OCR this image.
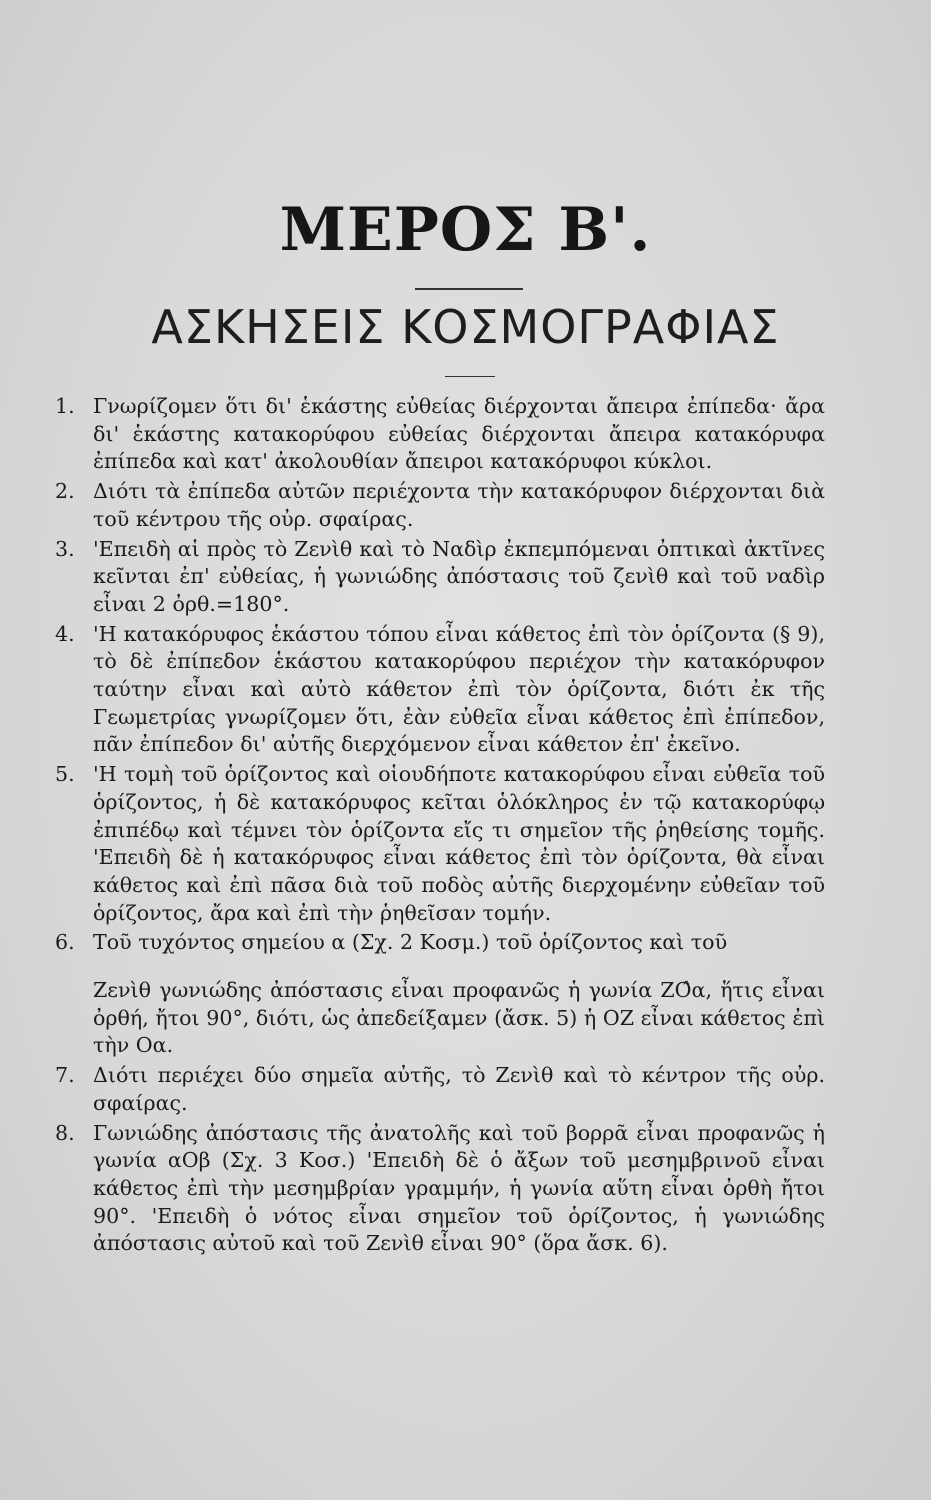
ΜΕΡΟΣ Β'.
ΑΣΚΗΣΕΙΣ ΚΟΣΜΟΓΡΑΦΙΑΣ
1. Γνωρίζομεν ὅτι δι' ἑκάστης εὐθείας διέρχονται ἄπειρα ἐπίπεδα· ἄρα δι' ἑκάστης κατακορύφου εὐθείας διέρχονται ἄπειρα κατακόρυφα ἐπίπεδα καὶ κατ' ἀκολουθίαν ἄπειροι κατακόρυφοι κύκλοι.
2. Διότι τὰ ἐπίπεδα αὐτῶν περιέχοντα τὴν κατακόρυφον διέρχονται διὰ τοῦ κέντρου τῆς οὐρ. σφαίρας.
3. 'Επειδὴ αἱ πρὸς τὸ Ζενὶθ καὶ τὸ Ναδὶρ ἐκπεμπόμεναι ὀπτικαὶ ἀκτῖνες κεῖνται ἐπ' εὐθείας, ἡ γωνιώδης ἀπόστασις τοῦ ζενὶθ καὶ τοῦ ναδὶρ εἶναι 2 ὀρθ.=180°.
4. 'Η κατακόρυφος ἑκάστου τόπου εἶναι κάθετος ἐπὶ τὸν ὁρίζοντα (§ 9), τὸ δὲ ἐπίπεδον ἑκάστου κατακορύφου περιέχον τὴν κατακόρυφον ταύτην εἶναι καὶ αὐτὸ κάθετον ἐπὶ τὸν ὁρίζοντα, διότι ἐκ τῆς Γεωμετρίας γνωρίζομεν ὅτι, ἐὰν εὐθεῖα εἶναι κάθετος ἐπὶ ἐπίπεδον, πᾶν ἐπίπεδον δι' αὐτῆς διερχόμενον εἶναι κάθετον ἐπ' ἐκεῖνο.
5. 'Η τομὴ τοῦ ὁρίζοντος καὶ οἱουδήποτε κατακορύφου εἶναι εὐθεῖα τοῦ ὁρίζοντος, ἡ δὲ κατακόρυφος κεῖται ὁλόκληρος ἐν τῷ κατακορύφῳ ἐπιπέδῳ καὶ τέμνει τὸν ὁρίζοντα εἴς τι σημεῖον τῆς ῥηθείσης τομῆς. 'Επειδὴ δὲ ἡ κατακόρυφος εἶναι κάθετος ἐπὶ τὸν ὁρίζοντα, θὰ εἶναι κάθετος καὶ ἐπὶ πᾶσα διὰ τοῦ ποδὸς αὐτῆς διερχομένην εὐθεῖαν τοῦ ὁρίζοντος, ἄρα καὶ ἐπὶ τὴν ῥηθεῖσαν τομήν.
6. Τοῦ τυχόντος σημείου α (Σχ. 2 Κοσμ.) τοῦ ὁρίζοντος καὶ τοῦ
Ζενὶθ γωνιώδης ἀπόστασις εἶναι προφανῶς ἡ γωνία ΖΟ̂α, ἥτις εἶναι ὀρθή, ἤτοι 90°, διότι, ὡς ἀπεδείξαμεν (ἄσκ. 5) ἡ ΟΖ εἶναι κάθετος ἐπὶ τὴν Οα.
7. Διότι περιέχει δύο σημεῖα αὐτῆς, τὸ Ζενὶθ καὶ τὸ κέντρον τῆς οὐρ. σφαίρας.
8. Γωνιώδης ἀπόστασις τῆς ἀνατολῆς καὶ τοῦ βορρᾶ εἶναι προφανῶς ἡ γωνία αΟβ (Σχ. 3 Κοσ.) 'Επειδὴ δὲ ὁ ἄξων τοῦ μεσημβρινοῦ εἶναι κάθετος ἐπὶ τὴν μεσημβρίαν γραμμήν, ἡ γωνία αὕτη εἶναι ὀρθὴ ἤτοι 90°. 'Επειδὴ ὁ νότος εἶναι σημεῖον τοῦ ὁρίζοντος, ἡ γωνιώδης ἀπόστασις αὐτοῦ καὶ τοῦ Ζενὶθ εἶναι 90° (ὅρα ἄσκ. 6).
